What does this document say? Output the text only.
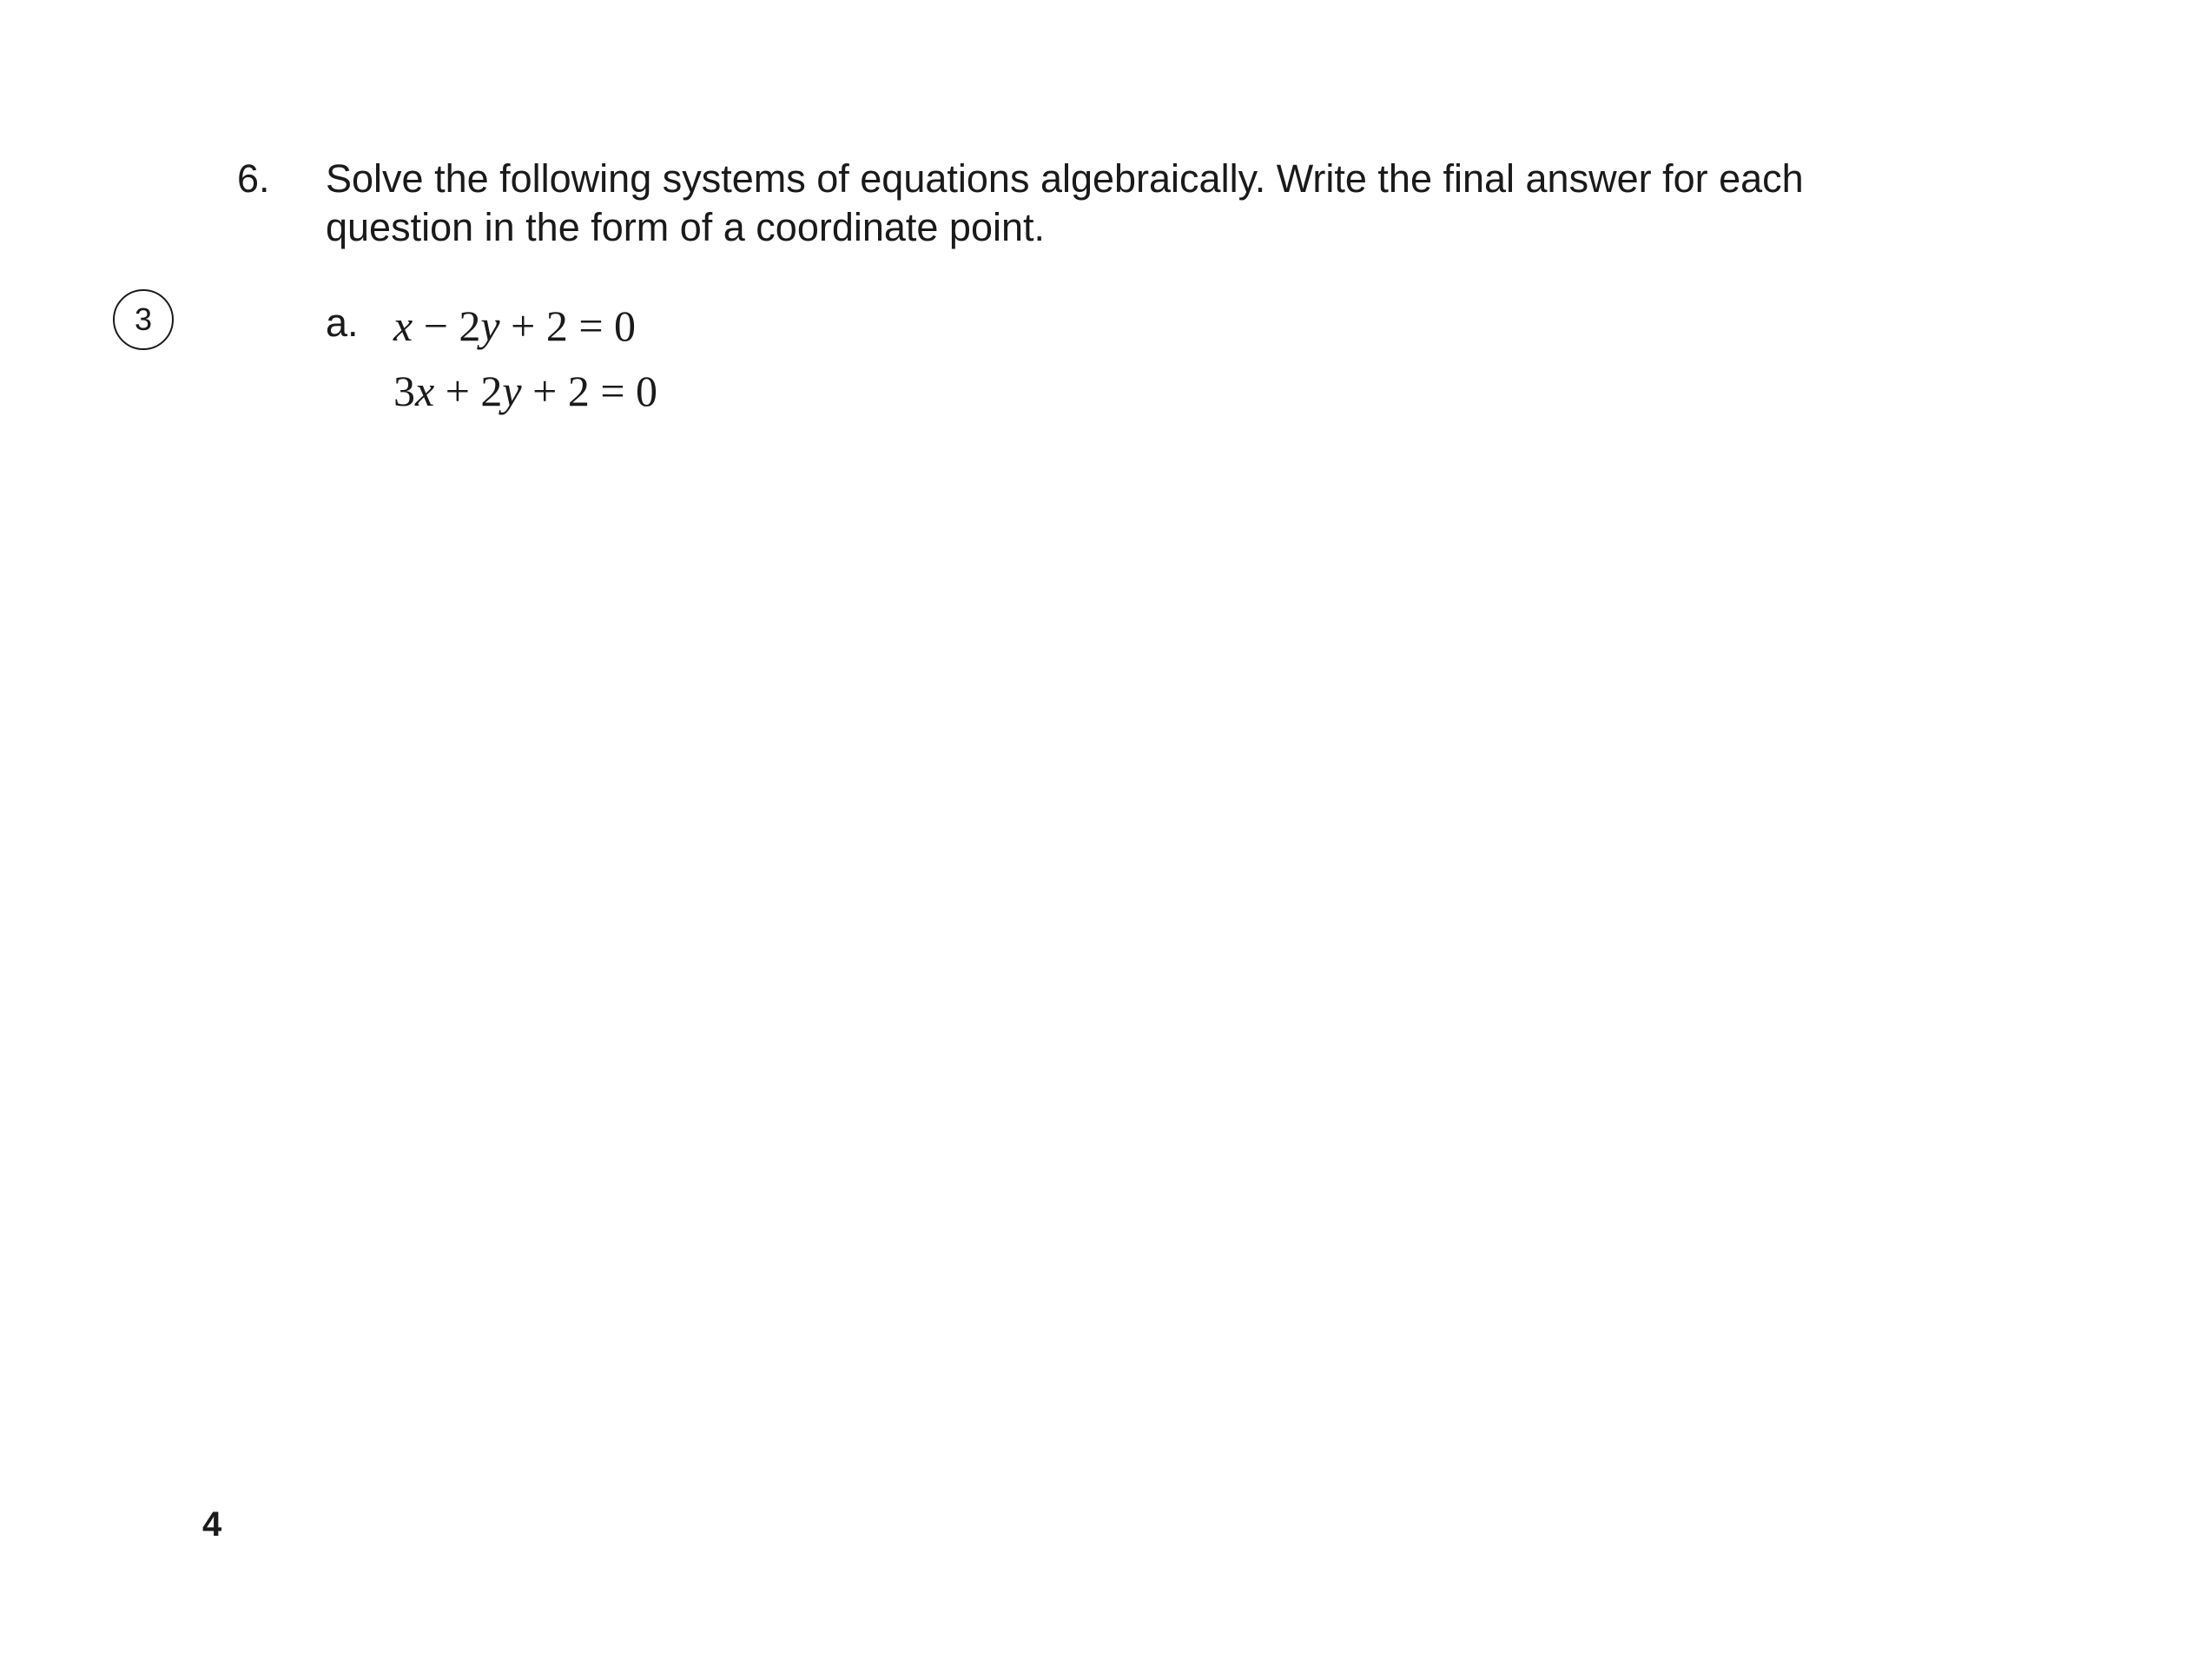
6. Solve the following systems of equations algebraically. Write the final answer for each question in the form of a coordinate point.
3	a. x − 2y + 2 = 0
3x + 2y + 2 = 0
4
